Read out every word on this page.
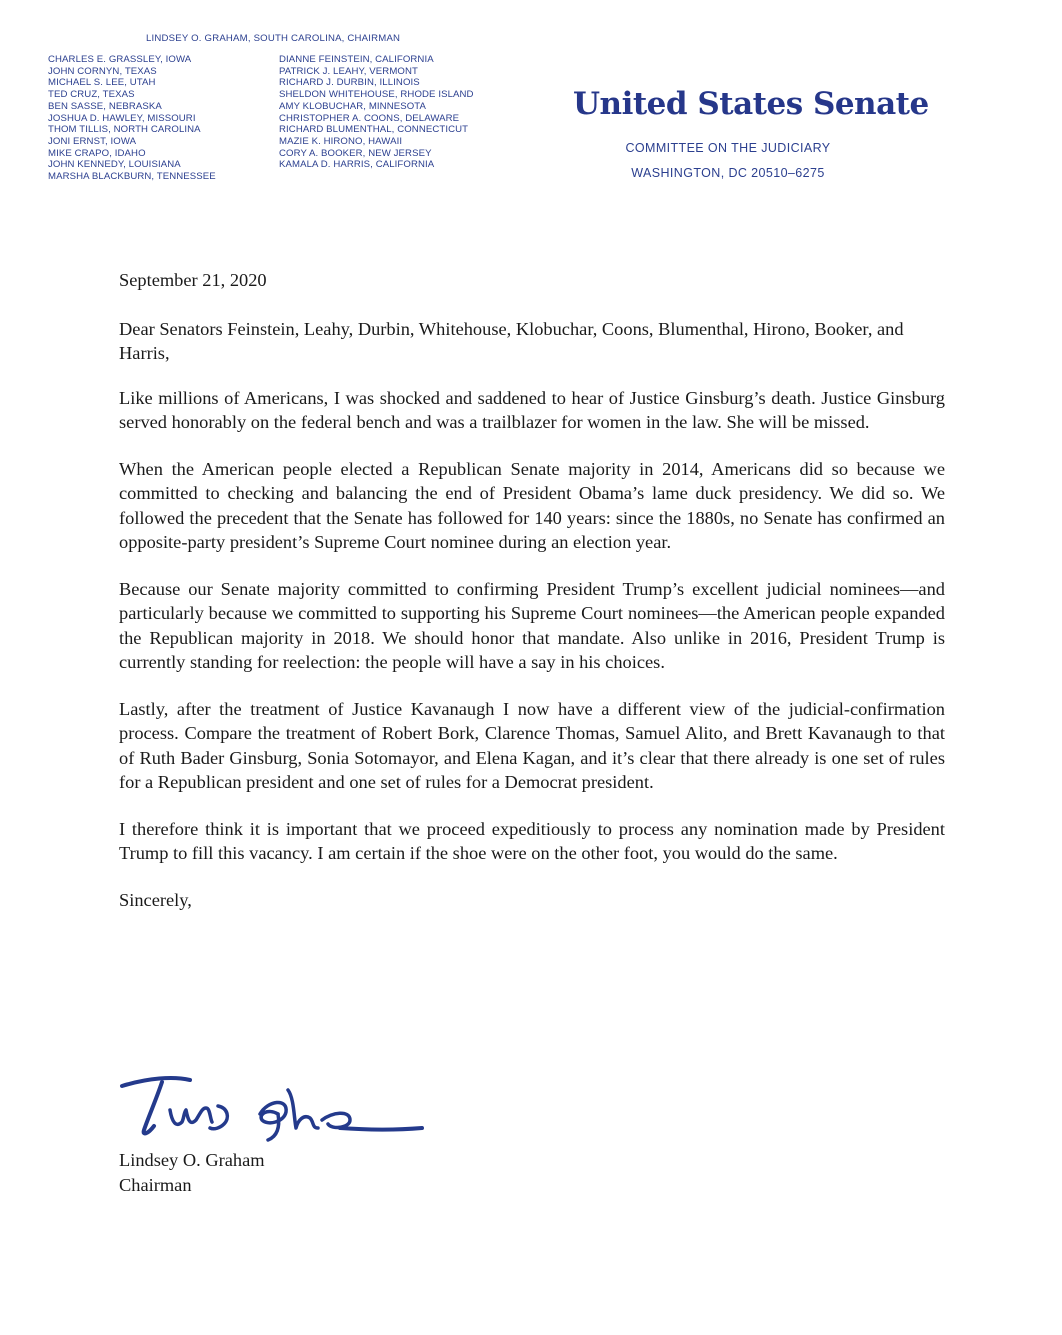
LINDSEY O. GRAHAM, SOUTH CAROLINA, CHAIRMAN
CHARLES E. GRASSLEY, IOWA
JOHN CORNYN, TEXAS
MICHAEL S. LEE, UTAH
TED CRUZ, TEXAS
BEN SASSE, NEBRASKA
JOSHUA D. HAWLEY, MISSOURI
THOM TILLIS, NORTH CAROLINA
JONI ERNST, IOWA
MIKE CRAPO, IDAHO
JOHN KENNEDY, LOUISIANA
MARSHA BLACKBURN, TENNESSEE
DIANNE FEINSTEIN, CALIFORNIA
PATRICK J. LEAHY, VERMONT
RICHARD J. DURBIN, ILLINOIS
SHELDON WHITEHOUSE, RHODE ISLAND
AMY KLOBUCHAR, MINNESOTA
CHRISTOPHER A. COONS, DELAWARE
RICHARD BLUMENTHAL, CONNECTICUT
MAZIE K. HIRONO, HAWAII
CORY A. BOOKER, NEW JERSEY
KAMALA D. HARRIS, CALIFORNIA
United States Senate
COMMITTEE ON THE JUDICIARY
WASHINGTON, DC 20510–6275

September 21, 2020

Dear Senators Feinstein, Leahy, Durbin, Whitehouse, Klobuchar, Coons, Blumenthal, Hirono, Booker, and Harris,

Like millions of Americans, I was shocked and saddened to hear of Justice Ginsburg’s death. Justice Ginsburg served honorably on the federal bench and was a trailblazer for women in the law. She will be missed.

When the American people elected a Republican Senate majority in 2014, Americans did so because we committed to checking and balancing the end of President Obama’s lame duck presidency. We did so. We followed the precedent that the Senate has followed for 140 years: since the 1880s, no Senate has confirmed an opposite-party president’s Supreme Court nominee during an election year.

Because our Senate majority committed to confirming President Trump’s excellent judicial nominees—and particularly because we committed to supporting his Supreme Court nominees—the American people expanded the Republican majority in 2018. We should honor that mandate. Also unlike in 2016, President Trump is currently standing for reelection: the people will have a say in his choices.

Lastly, after the treatment of Justice Kavanaugh I now have a different view of the judicial-confirmation process. Compare the treatment of Robert Bork, Clarence Thomas, Samuel Alito, and Brett Kavanaugh to that of Ruth Bader Ginsburg, Sonia Sotomayor, and Elena Kagan, and it’s clear that there already is one set of rules for a Republican president and one set of rules for a Democrat president.

I therefore think it is important that we proceed expeditiously to process any nomination made by President Trump to fill this vacancy. I am certain if the shoe were on the other foot, you would do the same.

Sincerely,

Lindsey O. Graham
Chairman
